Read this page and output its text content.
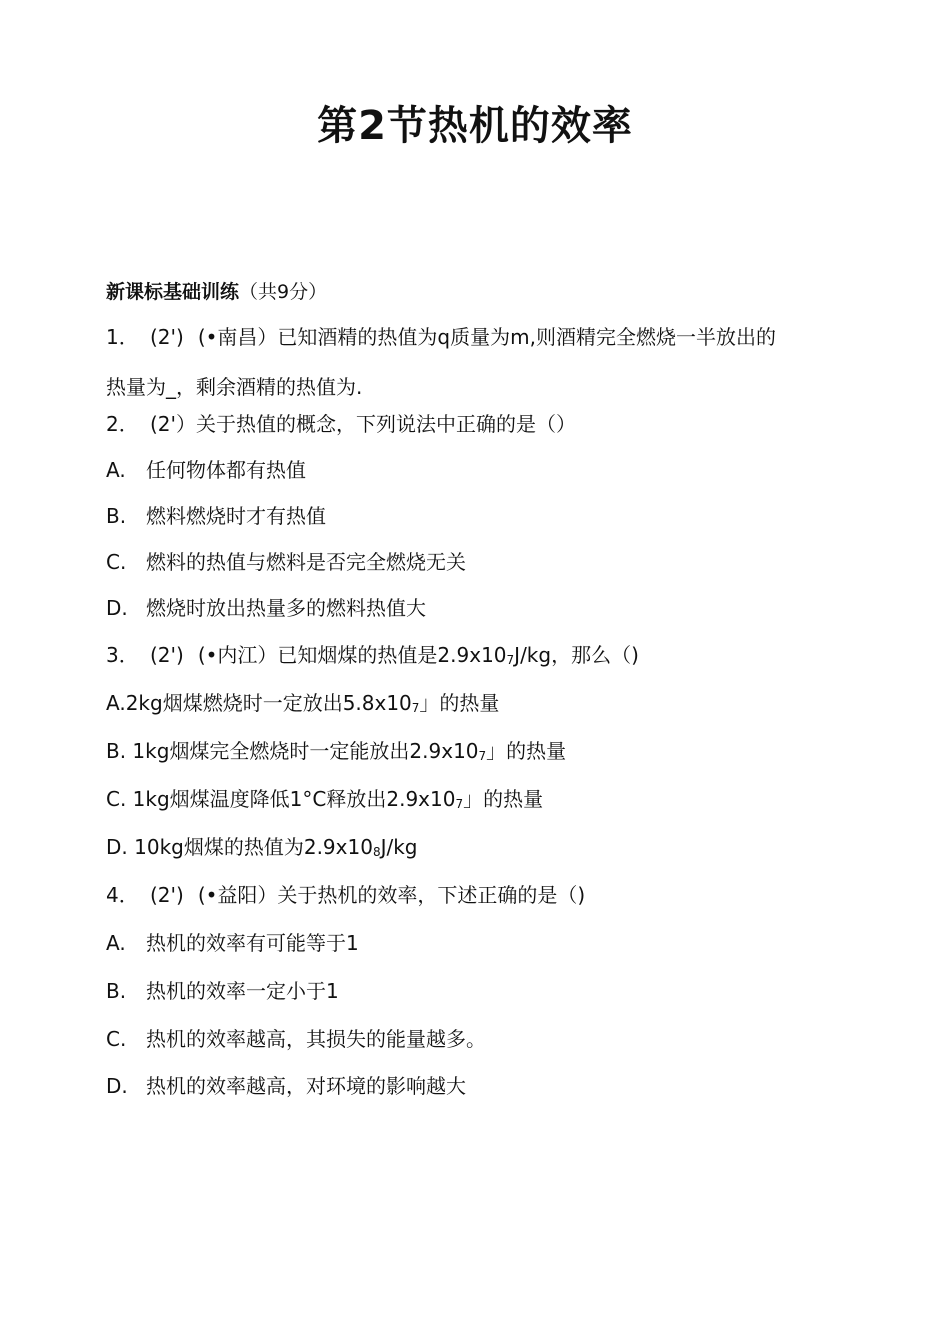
第2节热机的效率
新课标基础训练（共9分）
1． (2') (•南昌）已知酒精的热值为q质量为m,则酒精完全燃烧一半放出的
热量为_，剩余酒精的热值为.
2． (2'）关于热值的概念，下列说法中正确的是（）
A. 任何物体都有热值
B. 燃料燃烧时才有热值
C. 燃料的热值与燃料是否完全燃烧无关
D. 燃烧时放出热量多的燃料热值大
3． (2') (•内江）已知烟煤的热值是$2.9x10_7J/kg$，那么（)
A.2kg烟煤燃烧时一定放出$5.8x10_7$」的热量
B. 1kg烟煤完全燃烧时一定能放出$2.9x10_7$」的热量
C. 1kg烟煤温度降低1°C释放出$2.9x10_7$」的热量
D. 10kg烟煤的热值为$2.9x10_8J/kg$
4． (2') (•益阳）关于热机的效率，下述正确的是（)
A. 热机的效率有可能等于1
B. 热机的效率一定小于1
C. 热机的效率越高，其损失的能量越多。
D. 热机的效率越高，对环境的影响越大
